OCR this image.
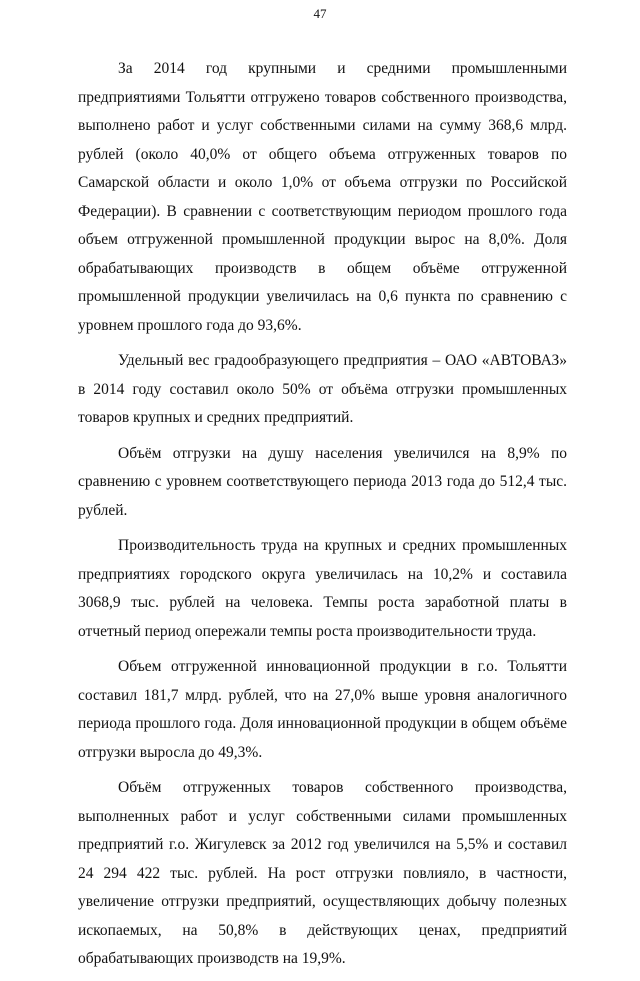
47

За 2014 год крупными и средними промышленными предприятиями Тольятти отгружено товаров собственного производства, выполнено работ и услуг собственными силами на сумму 368,6 млрд. рублей (около 40,0% от общего объема отгруженных товаров по Самарской области и около 1,0% от объема отгрузки по Российской Федерации). В сравнении с соответствующим периодом прошлого года объем отгруженной промышленной продукции вырос на 8,0%. Доля обрабатывающих производств в общем объёме отгруженной промышленной продукции увеличилась на 0,6 пункта по сравнению с уровнем прошлого года до 93,6%.

Удельный вес градообразующего предприятия – ОАО «АВТОВАЗ» в 2014 году составил около 50% от объёма отгрузки промышленных товаров крупных и средних предприятий.

Объём отгрузки на душу населения увеличился на 8,9% по сравнению с уровнем соответствующего периода 2013 года до 512,4 тыс. рублей.

Производительность труда на крупных и средних промышленных предприятиях городского округа увеличилась на 10,2% и составила 3068,9 тыс. рублей на человека. Темпы роста заработной платы в отчетный период опережали темпы роста производительности труда.

Объем отгруженной инновационной продукции в г.о. Тольятти составил 181,7 млрд. рублей, что на 27,0% выше уровня аналогичного периода прошлого года. Доля инновационной продукции в общем объёме отгрузки выросла до 49,3%.

Объём отгруженных товаров собственного производства, выполненных работ и услуг собственными силами промышленных предприятий г.о. Жигулевск за 2012 год увеличился на 5,5% и составил 24 294 422 тыс. рублей. На рост отгрузки повлияло, в частности, увеличение отгрузки предприятий, осуществляющих добычу полезных ископаемых, на 50,8% в действующих ценах, предприятий обрабатывающих производств на 19,9%.
